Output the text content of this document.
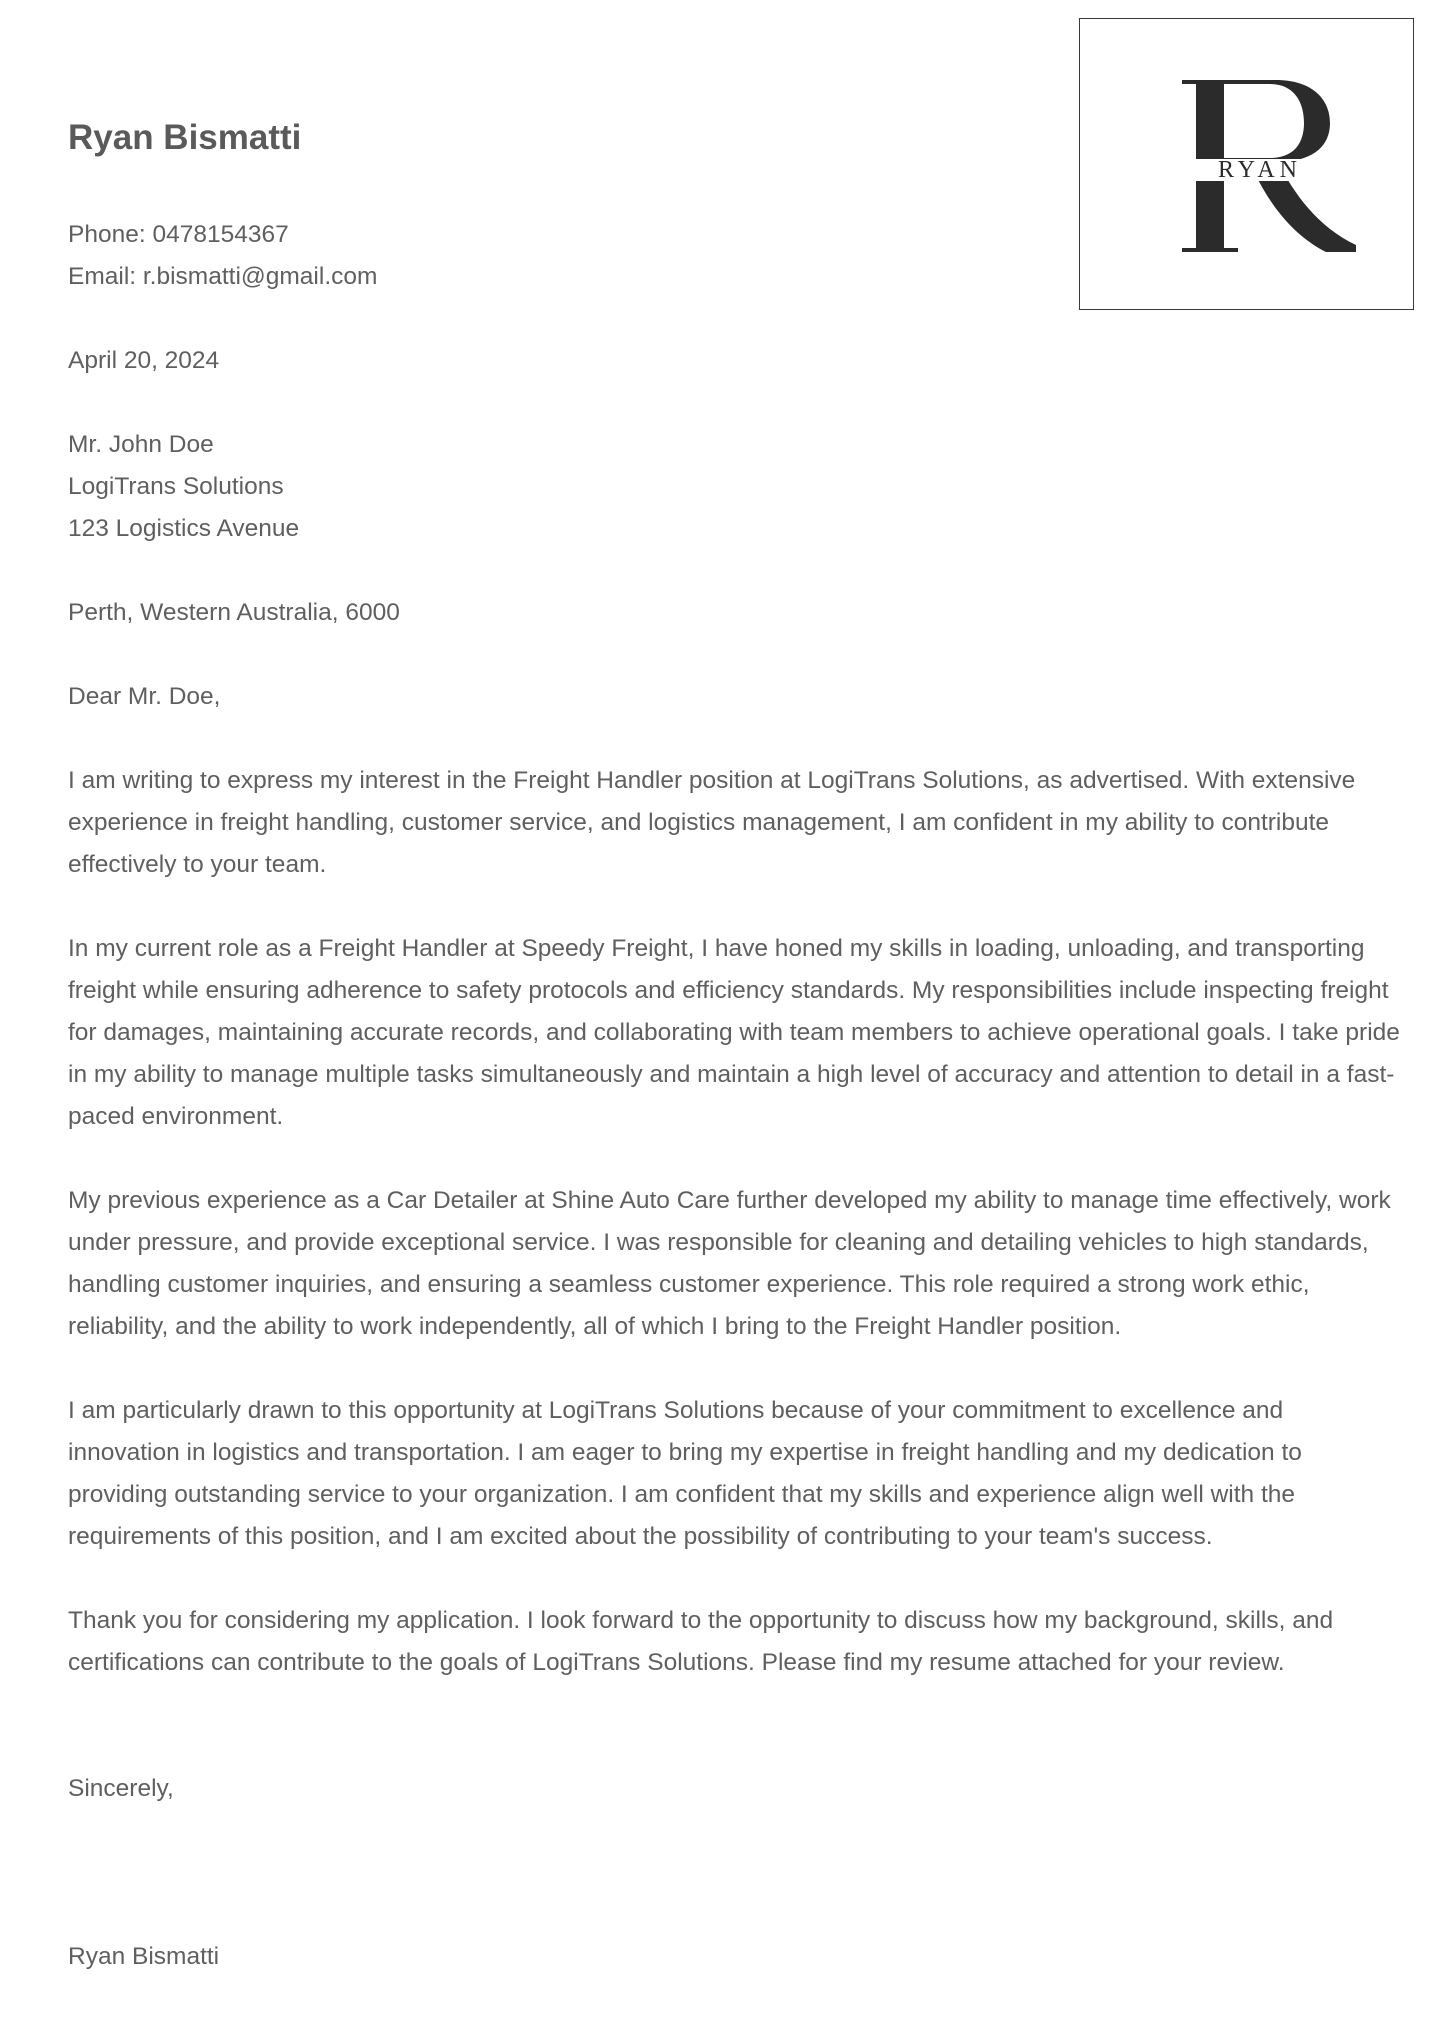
Ryan Bismatti
Phone: 0478154367
Email: r.bismatti@gmail.com
April 20, 2024
Mr. John Doe
LogiTrans Solutions
123 Logistics Avenue
Perth, Western Australia, 6000
Dear Mr. Doe,
I am writing to express my interest in the Freight Handler position at LogiTrans Solutions, as advertised. With extensive
experience in freight handling, customer service, and logistics management, I am confident in my ability to contribute
effectively to your team.
In my current role as a Freight Handler at Speedy Freight, I have honed my skills in loading, unloading, and transporting
freight while ensuring adherence to safety protocols and efficiency standards. My responsibilities include inspecting freight
for damages, maintaining accurate records, and collaborating with team members to achieve operational goals. I take pride
in my ability to manage multiple tasks simultaneously and maintain a high level of accuracy and attention to detail in a fast-
paced environment.
My previous experience as a Car Detailer at Shine Auto Care further developed my ability to manage time effectively, work
under pressure, and provide exceptional service. I was responsible for cleaning and detailing vehicles to high standards,
handling customer inquiries, and ensuring a seamless customer experience. This role required a strong work ethic,
reliability, and the ability to work independently, all of which I bring to the Freight Handler position.
I am particularly drawn to this opportunity at LogiTrans Solutions because of your commitment to excellence and
innovation in logistics and transportation. I am eager to bring my expertise in freight handling and my dedication to
providing outstanding service to your organization. I am confident that my skills and experience align well with the
requirements of this position, and I am excited about the possibility of contributing to your team's success.
Thank you for considering my application. I look forward to the opportunity to discuss how my background, skills, and
certifications can contribute to the goals of LogiTrans Solutions. Please find my resume attached for your review.
Sincerely,
Ryan Bismatti
RYAN
